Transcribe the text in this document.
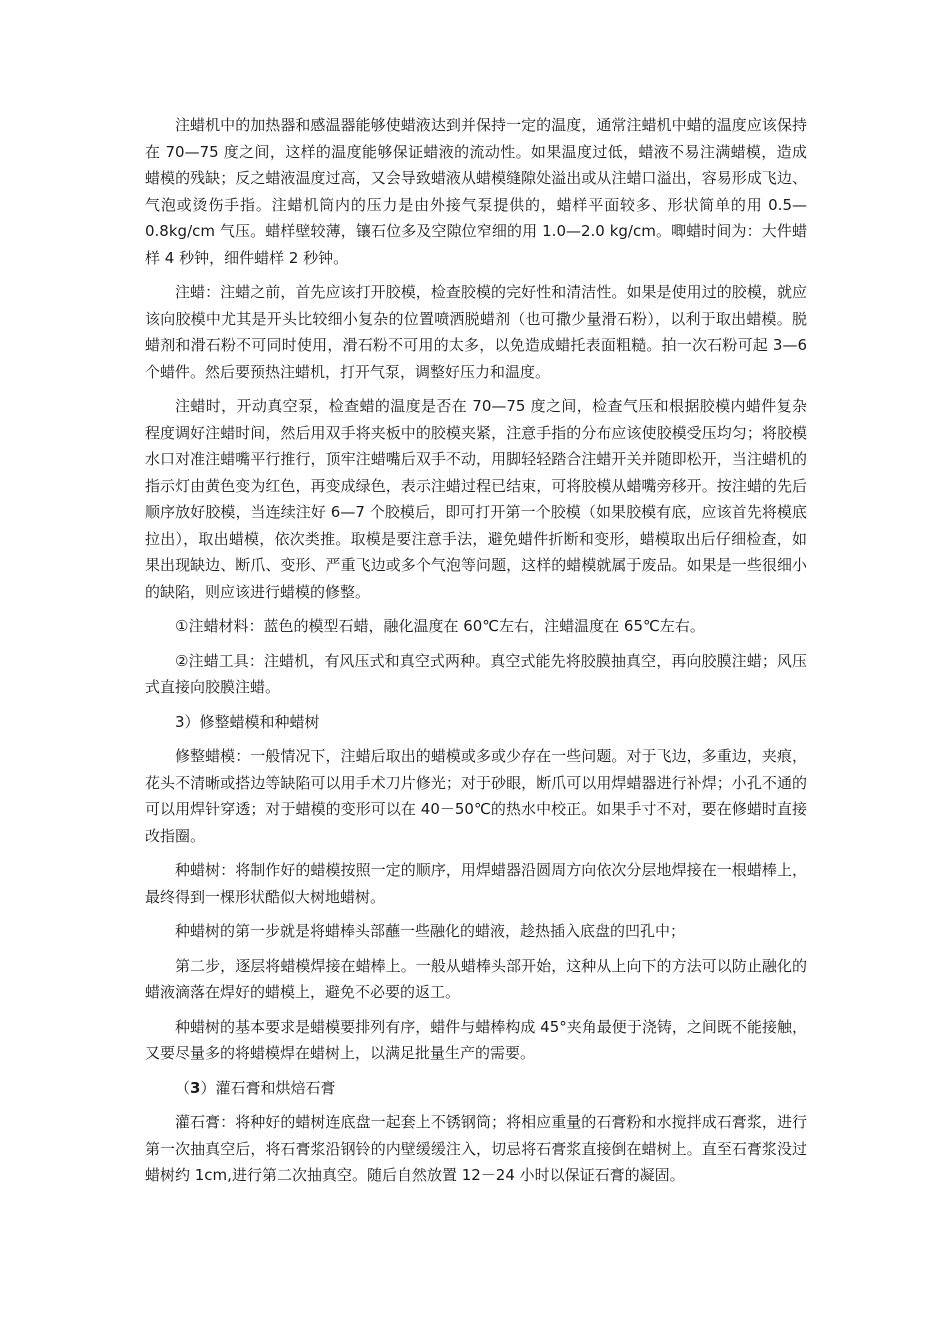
注蜡机中的加热器和感温器能够使蜡液达到并保持一定的温度，通常注蜡机中蜡的温度应该保持在 70—75 度之间，这样的温度能够保证蜡液的流动性。如果温度过低，蜡液不易注满蜡模，造成蜡模的残缺；反之蜡液温度过高，又会导致蜡液从蜡模缝隙处溢出或从注蜡口溢出，容易形成飞边、气泡或烫伤手指。注蜡机筒内的压力是由外接气泵提供的，蜡样平面较多、形状简单的用 0.5—0.8kg/cm 气压。蜡样壁较薄，镶石位多及空隙位窄细的用 1.0—2.0 kg/cm。唧蜡时间为：大件蜡样 4 秒钟，细件蜡样 2 秒钟。

注蜡：注蜡之前，首先应该打开胶模，检查胶模的完好性和清洁性。如果是使用过的胶模，就应该向胶模中尤其是开头比较细小复杂的位置喷洒脱蜡剂（也可撒少量滑石粉），以利于取出蜡模。脱蜡剂和滑石粉不可同时使用，滑石粉不可用的太多，以免造成蜡托表面粗糙。拍一次石粉可起 3—6 个蜡件。然后要预热注蜡机，打开气泵，调整好压力和温度。

注蜡时，开动真空泵，检查蜡的温度是否在 70—75 度之间，检查气压和根据胶模内蜡件复杂程度调好注蜡时间，然后用双手将夹板中的胶模夹紧，注意手指的分布应该使胶模受压均匀；将胶模水口对准注蜡嘴平行推行，顶牢注蜡嘴后双手不动，用脚轻轻踏合注蜡开关并随即松开，当注蜡机的指示灯由黄色变为红色，再变成绿色，表示注蜡过程已结束，可将胶模从蜡嘴旁移开。按注蜡的先后顺序放好胶模，当连续注好 6—7 个胶模后，即可打开第一个胶模（如果胶模有底，应该首先将模底拉出），取出蜡模，依次类推。取模是要注意手法，避免蜡件折断和变形，蜡模取出后仔细检查，如果出现缺边、断爪、变形、严重飞边或多个气泡等问题，这样的蜡模就属于废品。如果是一些很细小的缺陷，则应该进行蜡模的修整。

①注蜡材料：蓝色的模型石蜡，融化温度在 60℃左右，注蜡温度在 65℃左右。

②注蜡工具：注蜡机，有风压式和真空式两种。真空式能先将胶膜抽真空，再向胶膜注蜡；风压式直接向胶膜注蜡。

3）修整蜡模和种蜡树

修整蜡模：一般情况下，注蜡后取出的蜡模或多或少存在一些问题。对于飞边，多重边，夹痕，花头不清晰或搭边等缺陷可以用手术刀片修光；对于砂眼，断爪可以用焊蜡器进行补焊；小孔不通的可以用焊针穿透；对于蜡模的变形可以在 40－50℃的热水中校正。如果手寸不对，要在修蜡时直接改指圈。

种蜡树：将制作好的蜡模按照一定的顺序，用焊蜡器沿圆周方向依次分层地焊接在一根蜡棒上，最终得到一棵形状酷似大树地蜡树。

种蜡树的第一步就是将蜡棒头部蘸一些融化的蜡液，趁热插入底盘的凹孔中；

第二步，逐层将蜡模焊接在蜡棒上。一般从蜡棒头部开始，这种从上向下的方法可以防止融化的蜡液滴落在焊好的蜡模上，避免不必要的返工。

种蜡树的基本要求是蜡模要排列有序，蜡件与蜡棒构成 45°夹角最便于浇铸，之间既不能接触，又要尽量多的将蜡模焊在蜡树上，以满足批量生产的需要。

（3）灌石膏和烘焙石膏

灌石膏：将种好的蜡树连底盘一起套上不锈钢筒；将相应重量的石膏粉和水搅拌成石膏浆，进行第一次抽真空后，将石膏浆沿钢铃的内壁缓缓注入，切忌将石膏浆直接倒在蜡树上。直至石膏浆没过蜡树约 1cm,进行第二次抽真空。随后自然放置 12－24 小时以保证石膏的凝固。
